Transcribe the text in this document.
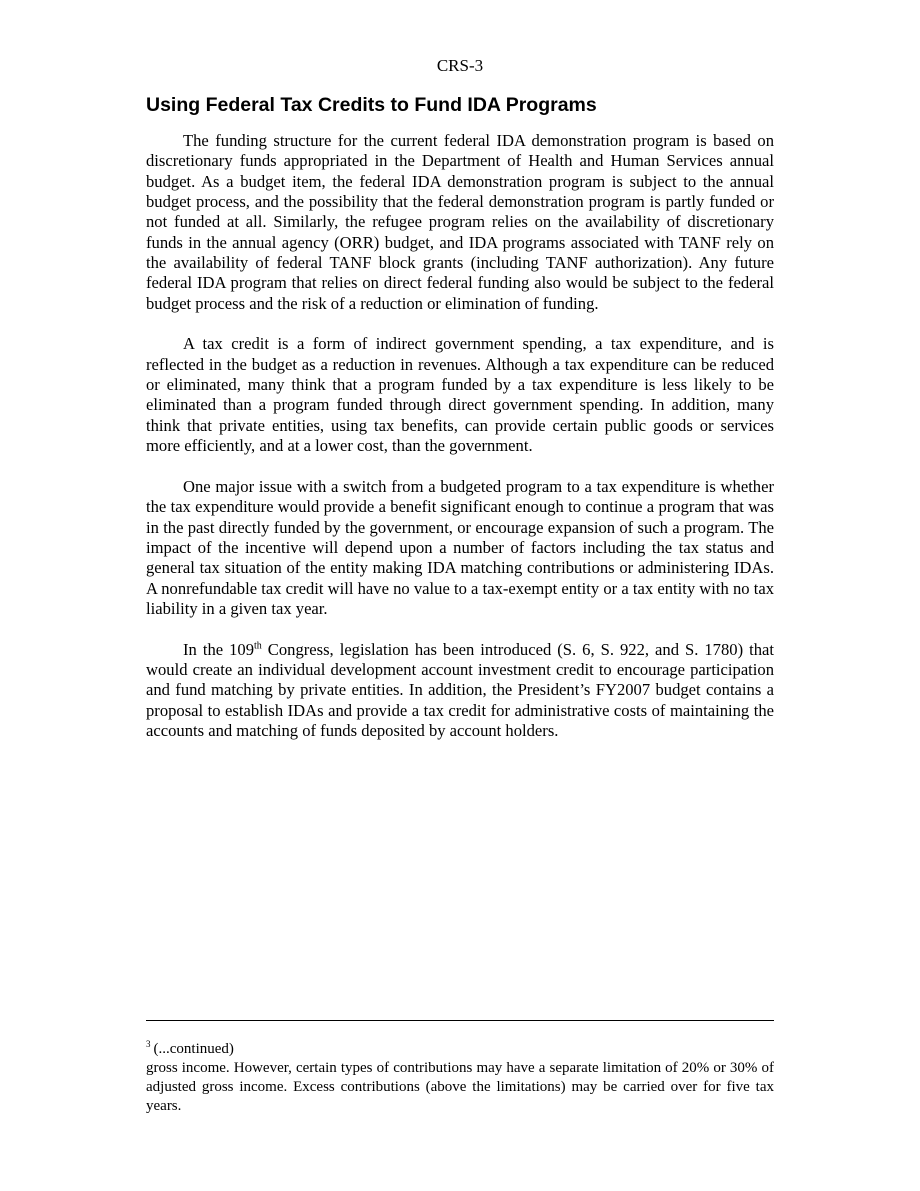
CRS-3
Using Federal Tax Credits to Fund IDA Programs

The funding structure for the current federal IDA demonstration program is based on discretionary funds appropriated in the Department of Health and Human Services annual budget. As a budget item, the federal IDA demonstration program is subject to the annual budget process, and the possibility that the federal demonstration program is partly funded or not funded at all. Similarly, the refugee program relies on the availability of discretionary funds in the annual agency (ORR) budget, and IDA programs associated with TANF rely on the availability of federal TANF block grants (including TANF authorization). Any future federal IDA program that relies on direct federal funding also would be subject to the federal budget process and the risk of a reduction or elimination of funding.

A tax credit is a form of indirect government spending, a tax expenditure, and is reflected in the budget as a reduction in revenues. Although a tax expenditure can be reduced or eliminated, many think that a program funded by a tax expenditure is less likely to be eliminated than a program funded through direct government spending. In addition, many think that private entities, using tax benefits, can provide certain public goods or services more efficiently, and at a lower cost, than the government.

One major issue with a switch from a budgeted program to a tax expenditure is whether the tax expenditure would provide a benefit significant enough to continue a program that was in the past directly funded by the government, or encourage expansion of such a program. The impact of the incentive will depend upon a number of factors including the tax status and general tax situation of the entity making IDA matching contributions or administering IDAs. A nonrefundable tax credit will have no value to a tax-exempt entity or a tax entity with no tax liability in a given tax year.

In the 109th Congress, legislation has been introduced (S. 6, S. 922, and S. 1780) that would create an individual development account investment credit to encourage participation and fund matching by private entities. In addition, the President’s FY2007 budget contains a proposal to establish IDAs and provide a tax credit for administrative costs of maintaining the accounts and matching of funds deposited by account holders.

$^3$ (...continued)
gross income. However, certain types of contributions may have a separate limitation of 20% or 30% of adjusted gross income. Excess contributions (above the limitations) may be carried over for five tax years.
